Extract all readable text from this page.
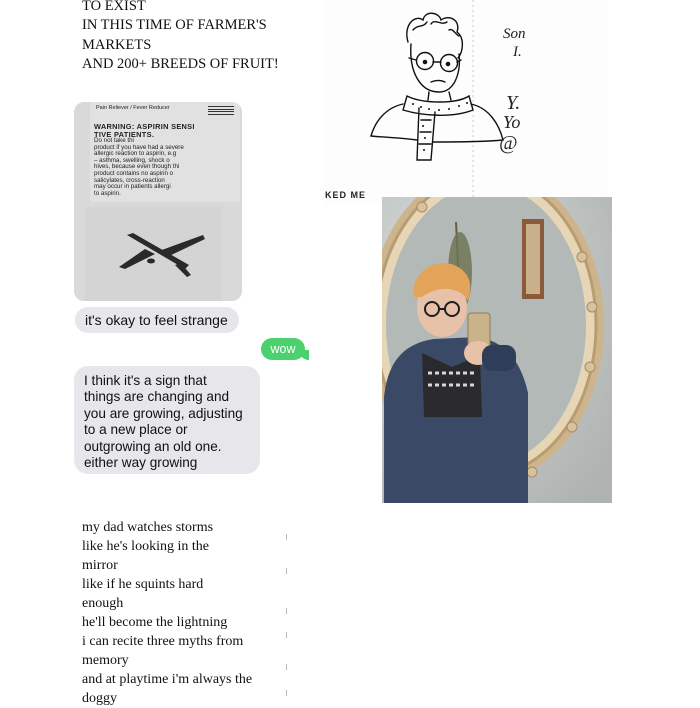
TO EXIST
IN THIS TIME OF FARMER'S
MARKETS
AND 200+ BREEDS OF FRUIT!
Pain Reliever / Fever Reducer
WARNING: ASPIRIN SENSI
TIVE PATIENTS.
Do not take thi
product if you have had a severe
allergic reaction to aspirin, e.g
– asthma, swelling, shock o
hives, because even though thi
product contains no aspirin o
salicylates, cross-reaction
may occur in patients allergi
to aspirin.
it's okay to feel strange
wow
I think it's a sign that
things are changing and
you are growing, adjusting
to a new place or
outgrowing an old one.
either way growing
Son
I.
Y.
Yo
@
KED ME
my dad watches storms
like he's looking in the
mirror
like if he squints hard
enough
he'll become the lightning
i can recite three myths from
memory
and at playtime i'm always the
doggy
